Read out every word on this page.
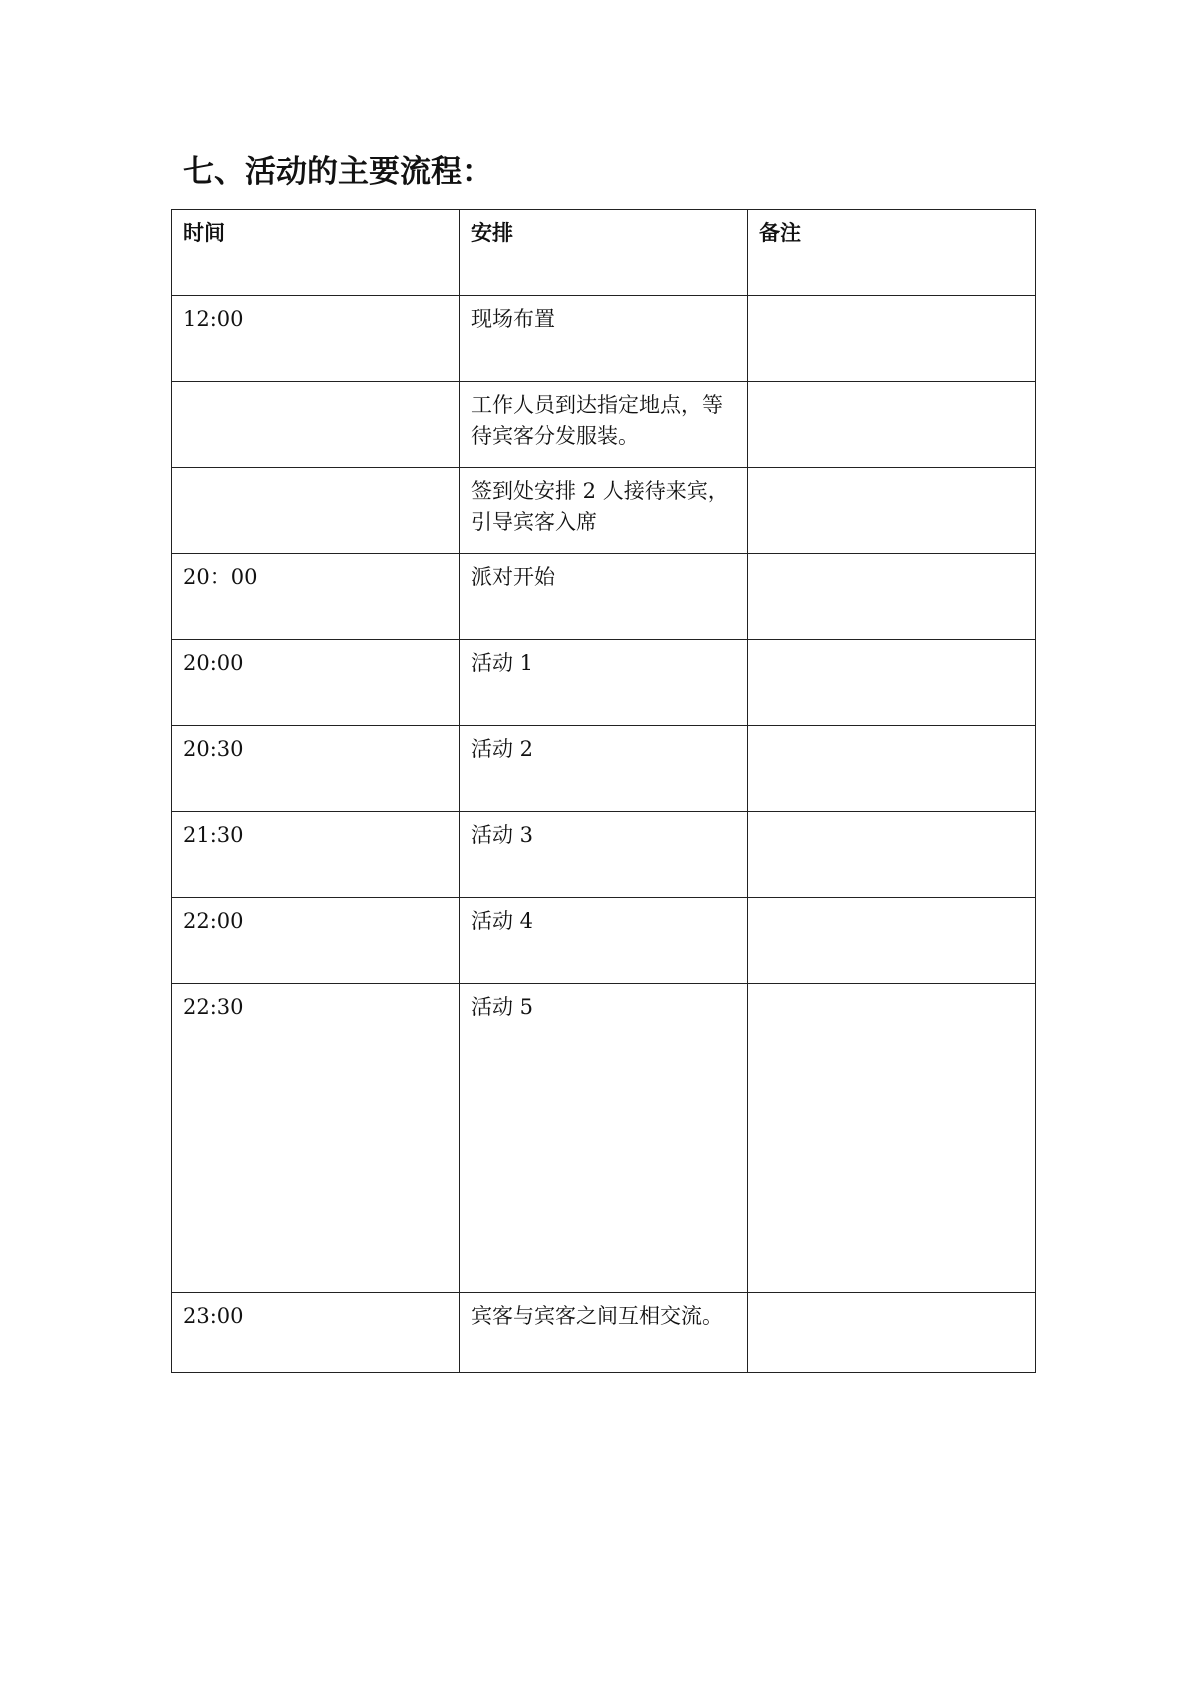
七、活动的主要流程：
时间	安排	备注
12:00	现场布置	
	工作人员到达指定地点，等待宾客分发服装。	
	签到处安排 2 人接待来宾，引导宾客入席	
20：00	派对开始	
20:00	活动 1	
20:30	活动 2	
21:30	活动 3	
22:00	活动 4	
22:30	活动 5	
23:00	宾客与宾客之间互相交流。	
